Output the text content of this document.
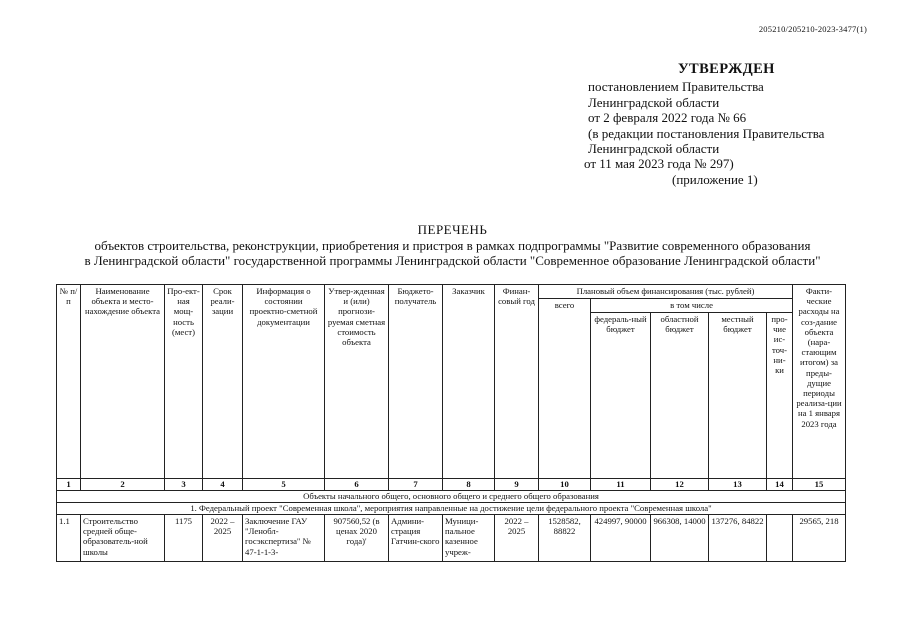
205210/205210-2023-3477(1)
УТВЕРЖДЕН
постановлением Правительства
Ленинградской области
от 2 февраля 2022 года № 66
(в редакции постановления Правительства
Ленинградской области
от 11 мая 2023 года № 297)
(приложение 1)
ПЕРЕЧЕНЬ
объектов строительства, реконструкции, приобретения и пристроя в рамках подпрограммы "Развитие современного образования
в Ленинградской области" государственной программы Ленинградской области "Современное образование Ленинградской области"
№ п/п	Наименование объекта и место-нахождение объекта	Про-ект-ная мощ-ность (мест)	Срок реали-зации	Информация о состоянии проектно-сметной документации	Утвер-жденная и (или) прогнози-руемая сметная стоимость объекта	Бюджето-получатель	Заказчик	Финан-совый год	Плановый объем финансирования (тыс. рублей)					Факти-ческие расходы на соз-дание объекта (нара-стающим итогом) за преды-дущие периоды реализа-ции на 1 января 2023 года
									всего	в том числе				
										федераль-ный бюджет	областной бюджет	местный бюджет	про-чие ис-точ-ни-ки	
1	2	3	4	5	6	7	8	9	10	11	12	13	14	15
Объекты начального общего, основного общего и среднего общего образования														
1. Федеральный проект "Современная школа", мероприятия направленные на достижение цели федерального проекта "Современная школа"														
1.1	Строительство средней обще-образователь-ной школы	1175	2022 – 2025	Заключение ГАУ "Ленобл-госэкспертиза" № 47-1-1-3-	907560,52 (в ценах 2020 года)'	Админи-страция Гатчин-ского	Муници-пальное казенное учреж-	2022 – 2025	1528582, 88822	424997, 90000	966308, 14000	137276, 84822		29565, 218
